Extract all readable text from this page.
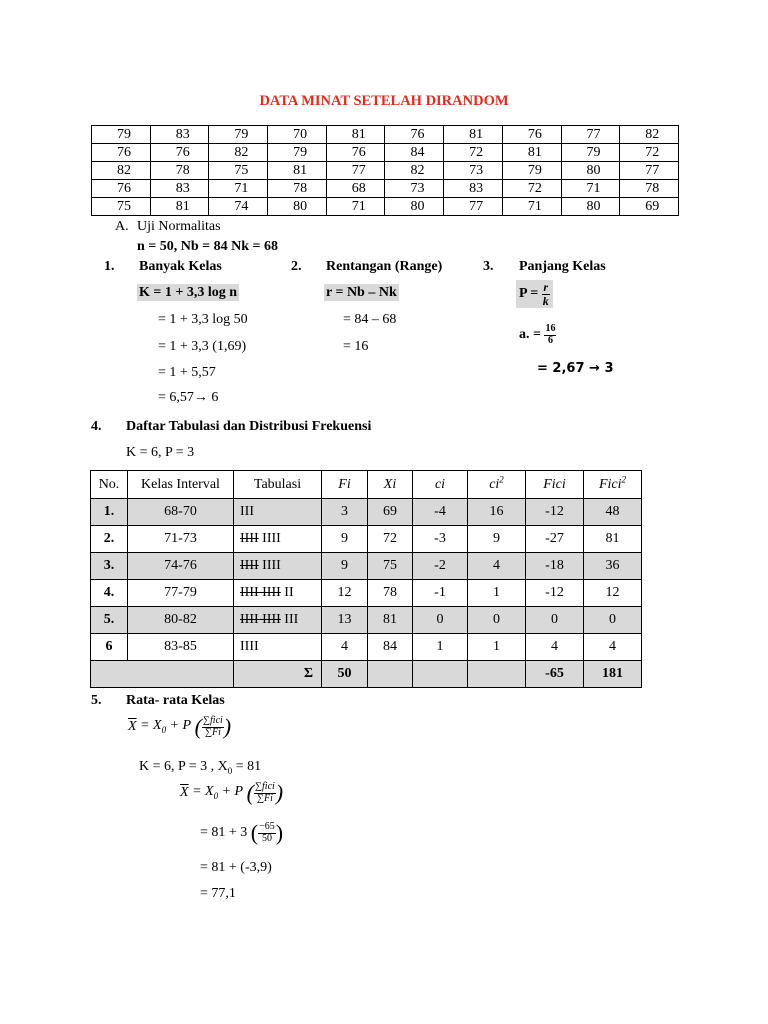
DATA MINAT SETELAH DIRANDOM
79	83	79	70	81	76	81	76	77	82
76	76	82	79	76	84	72	81	79	72
82	78	75	81	77	82	73	79	80	77
76	83	71	78	68	73	83	72	71	78
75	81	74	80	71	80	77	71	80	69
A. Uji Normalitas
n = 50, Nb = 84 Nk = 68
1. Banyak Kelas
K = 1 + 3,3 log n
= 1 + 3,3 log 50
= 1 + 3,3 (1,69)
= 1 + 5,57
= 6,57→ 6
2. Rentangan (Range)
r = Nb – Nk
= 84 – 68
= 16
3. Panjang Kelas
$P = \frac{r}{k}$
a. = $\frac{16}{6}$
= 2,67 → 3
4. Daftar Tabulasi dan Distribusi Frekuensi
K = 6, P = 3
No.	Kelas Interval	Tabulasi	Fi	Xi	ci	$ci^2$	Fici	Fici$^2$
1.	68-70	III	3	69	-4	16	-12	48
2.	71-73	IIII IIII	9	72	-3	9	-27	81
3.	74-76	IIII IIII	9	75	-2	4	-18	36
4.	77-79	IIII IIII II	12	78	-1	1	-12	12
5.	80-82	IIII IIII III	13	81	0	0	0	0
6	83-85	IIII	4	84	1	1	4	4
		Σ	50				-65	181
5. Rata- rata Kelas
$\overline{X} = X_0 + P$ ( $\frac{\text{∑fici}}{\sum Fi}$ )
K = 6, P = 3 , $X_0 = 81$
$\overline{X} = X_0 + P$ ( $\frac{\text{∑fici}}{\sum Fi}$ )
= 81 + 3 ( $\frac{-65}{50}$ )
= 81 + (-3,9)
= 77,1
